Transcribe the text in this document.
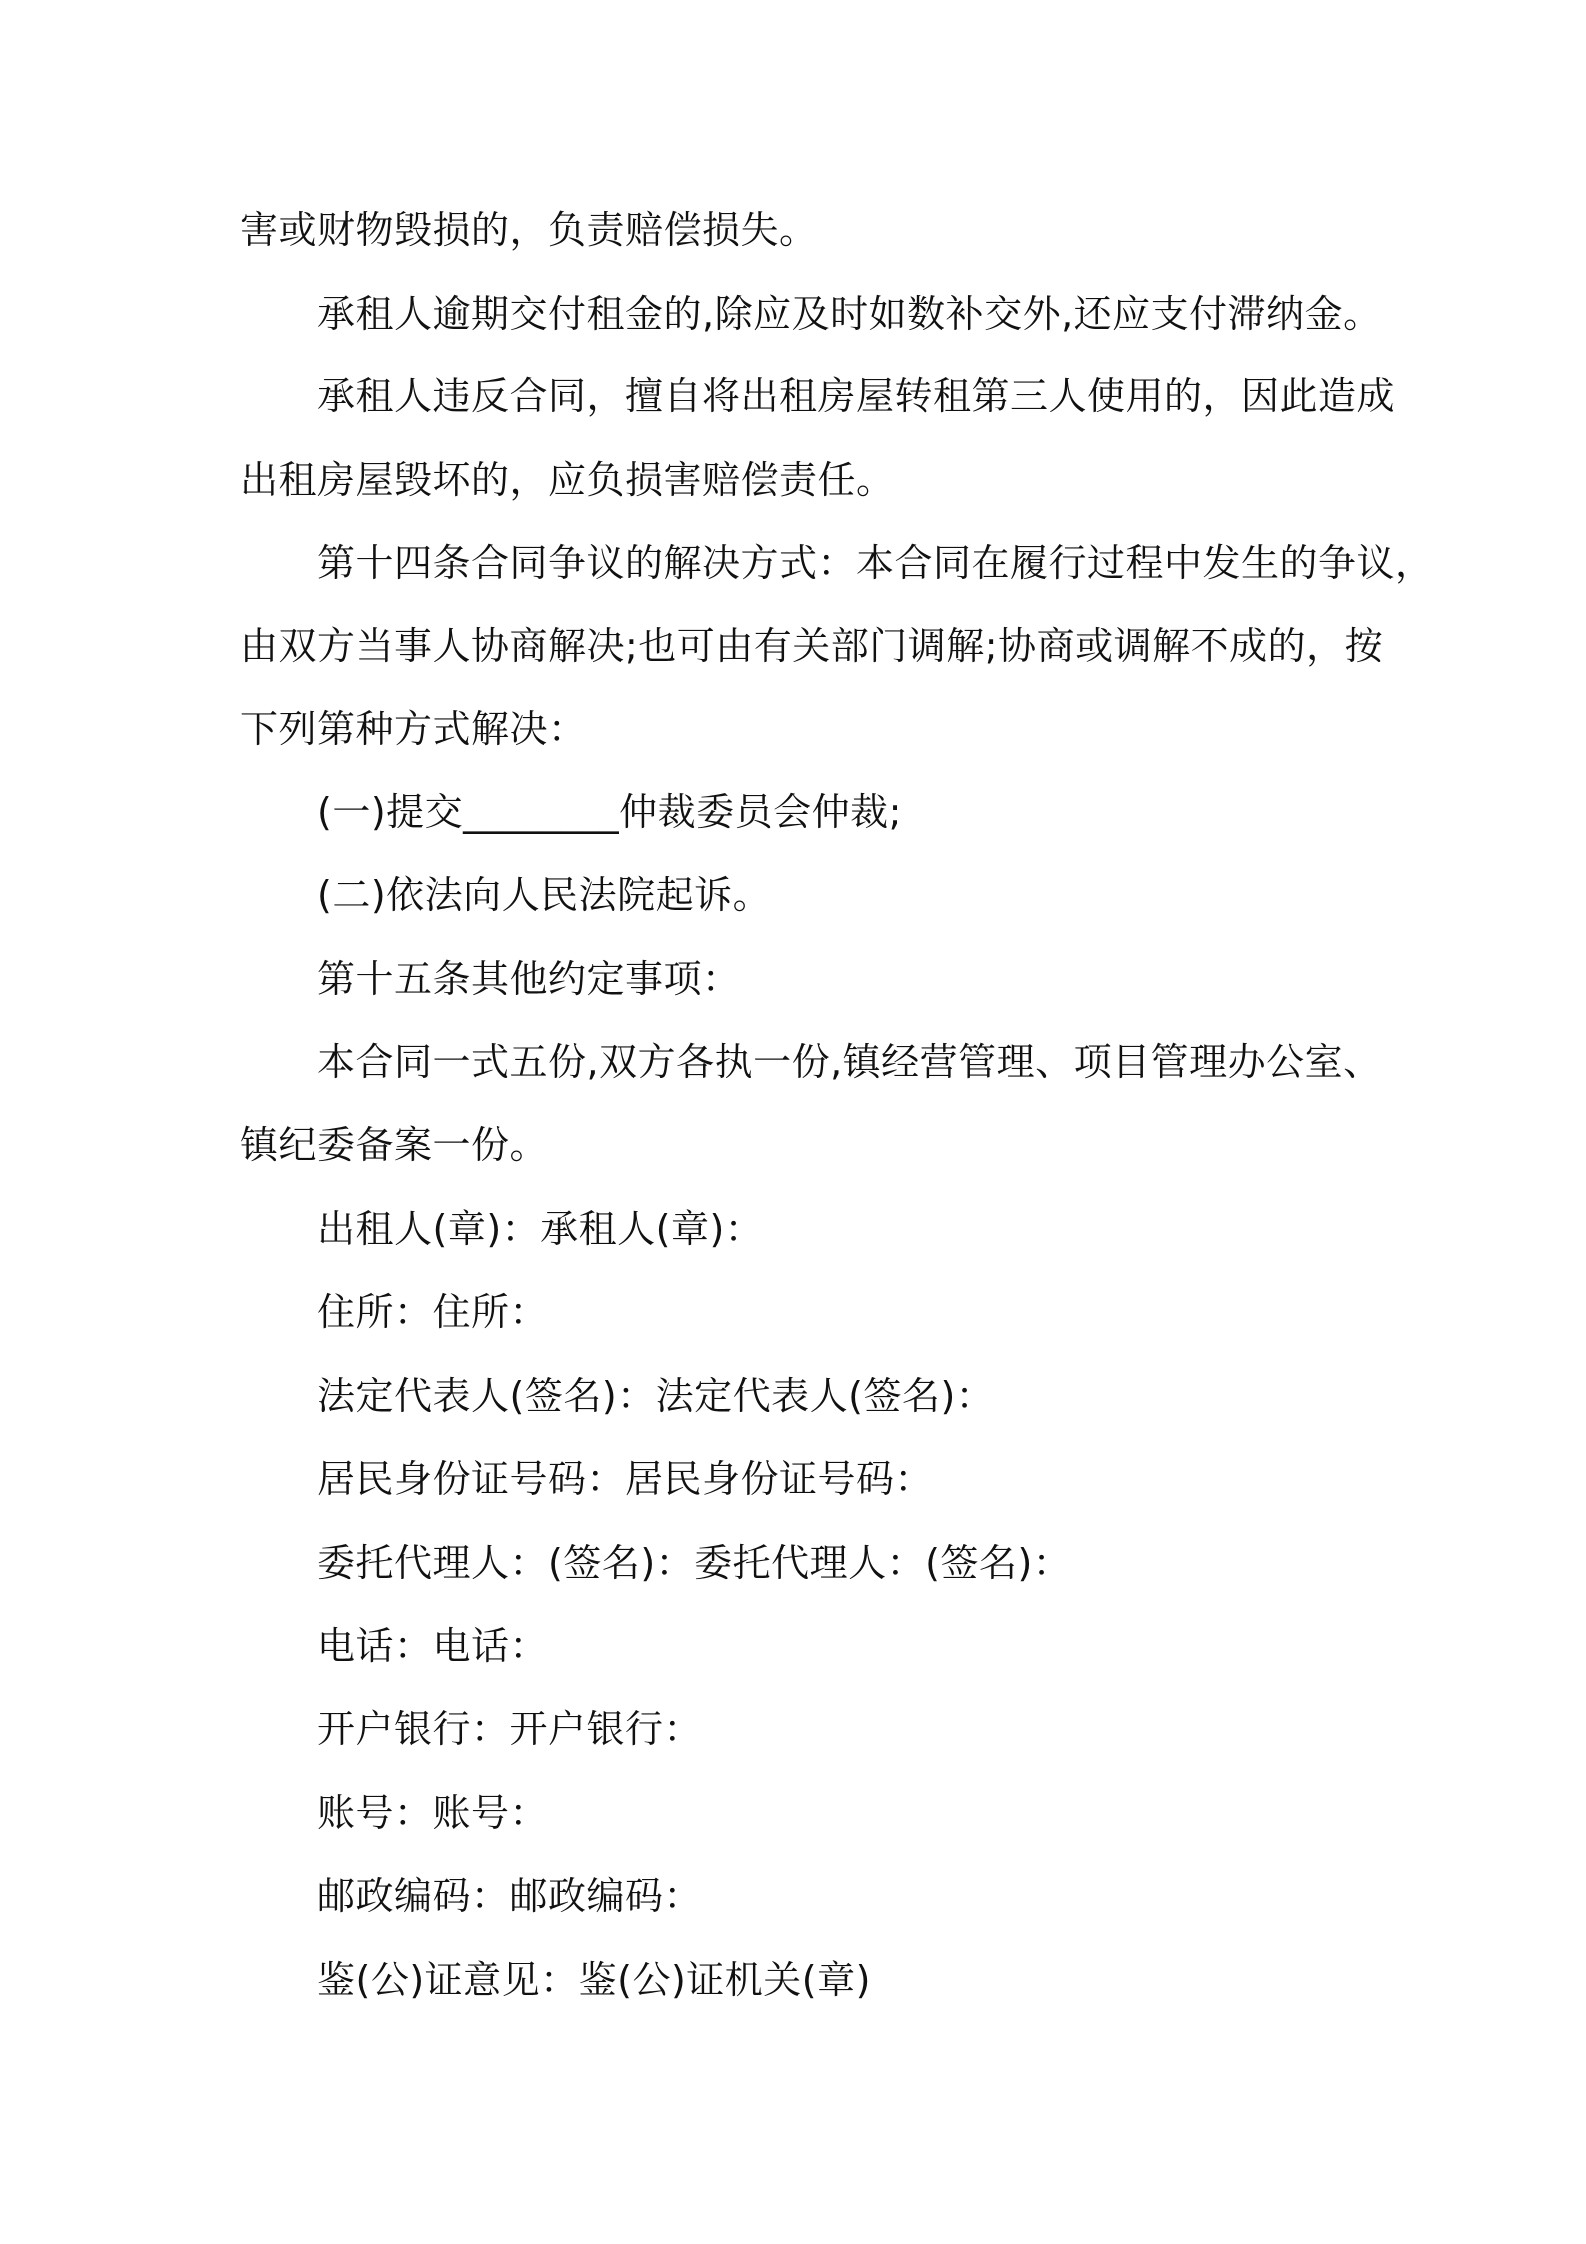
害或财物毁损的，负责赔偿损失。
承租人逾期交付租金的,除应及时如数补交外,还应支付滞纳金。
承租人违反合同，擅自将出租房屋转租第三人使用的，因此造成
出租房屋毁坏的，应负损害赔偿责任。
第十四条合同争议的解决方式：本合同在履行过程中发生的争议，
由双方当事人协商解决;也可由有关部门调解;协商或调解不成的，按
下列第种方式解决：
(一)提交________仲裁委员会仲裁;
(二)依法向人民法院起诉。
第十五条其他约定事项：
本合同一式五份,双方各执一份,镇经营管理、项目管理办公室、
镇纪委备案一份。
出租人(章)：承租人(章)：
住所：住所：
法定代表人(签名)：法定代表人(签名)：
居民身份证号码：居民身份证号码：
委托代理人：(签名)：委托代理人：(签名)：
电话：电话：
开户银行：开户银行：
账号：账号：
邮政编码：邮政编码：
鉴(公)证意见：鉴(公)证机关(章)
